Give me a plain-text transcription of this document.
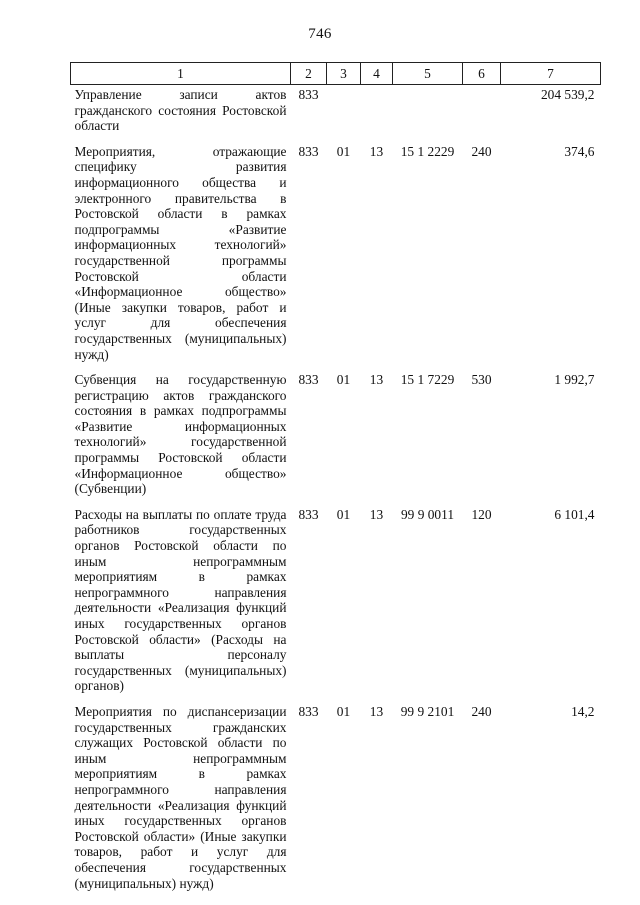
746
1	2	3	4	5	6	7
Управление записи актов гражданского состояния Ростовской области	833					204 539,2
Мероприятия, отражающие специфику развития информационного общества и электронного правительства в Ростовской области в рамках подпрограммы «Развитие информационных технологий» государственной программы Ростовской области «Информационное общество» (Иные закупки товаров, работ и услуг для обеспечения государственных (муниципальных) нужд)	833	01	13	15 1 2229	240	374,6
Субвенция на государственную регистрацию актов гражданского состояния в рамках подпрограммы «Развитие информационных технологий» государственной программы Ростовской области «Информационное общество» (Субвенции)	833	01	13	15 1 7229	530	1 992,7
Расходы на выплаты по оплате труда работников государственных органов Ростовской области по иным непрограммным мероприятиям в рамках непрограммного направления деятельности «Реализация функций иных государственных органов Ростовской области» (Расходы на выплаты персоналу государственных (муниципальных) органов)	833	01	13	99 9 0011	120	6 101,4
Мероприятия по диспансеризации государственных гражданских служащих Ростовской области по иным непрограммным мероприятиям в рамках непрограммного направления деятельности «Реализация функций иных государственных органов Ростовской области» (Иные закупки товаров, работ и услуг для обеспечения государственных (муниципальных) нужд)	833	01	13	99 9 2101	240	14,2
